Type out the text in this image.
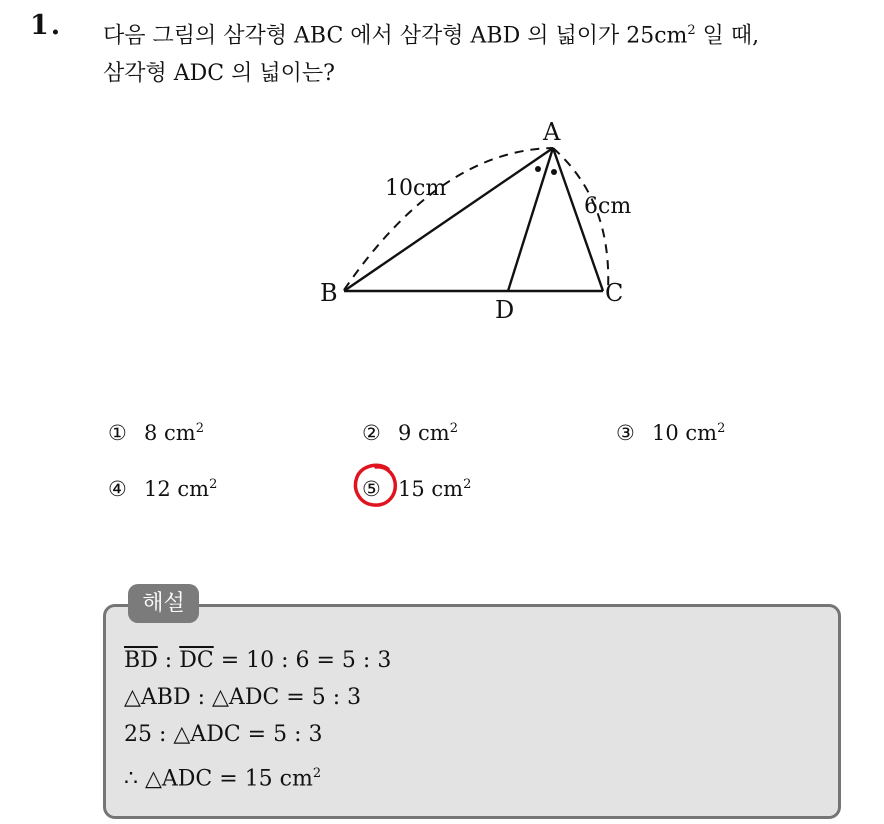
1. 다음 그림의 삼각형 ABC 에서 삼각형 ABD 의 넓이가 $25cm^2$ 일 때,
삼각형 ADC 의 넓이는?
A
B	C
D
10cm
6cm
① 8 $cm^2$	② 9 $cm^2$	③ 10 $cm^2$
④ 12 $cm^2$	⑤ 15 $cm^2$
해설
$\overline{BD}$ : $\overline{DC} = 10$ : 6 = 5 : 3
△ABD : △ADC = 5 : 3
25 : △ADC = 5 : 3
∴ △ADC = 15 $cm^2$
